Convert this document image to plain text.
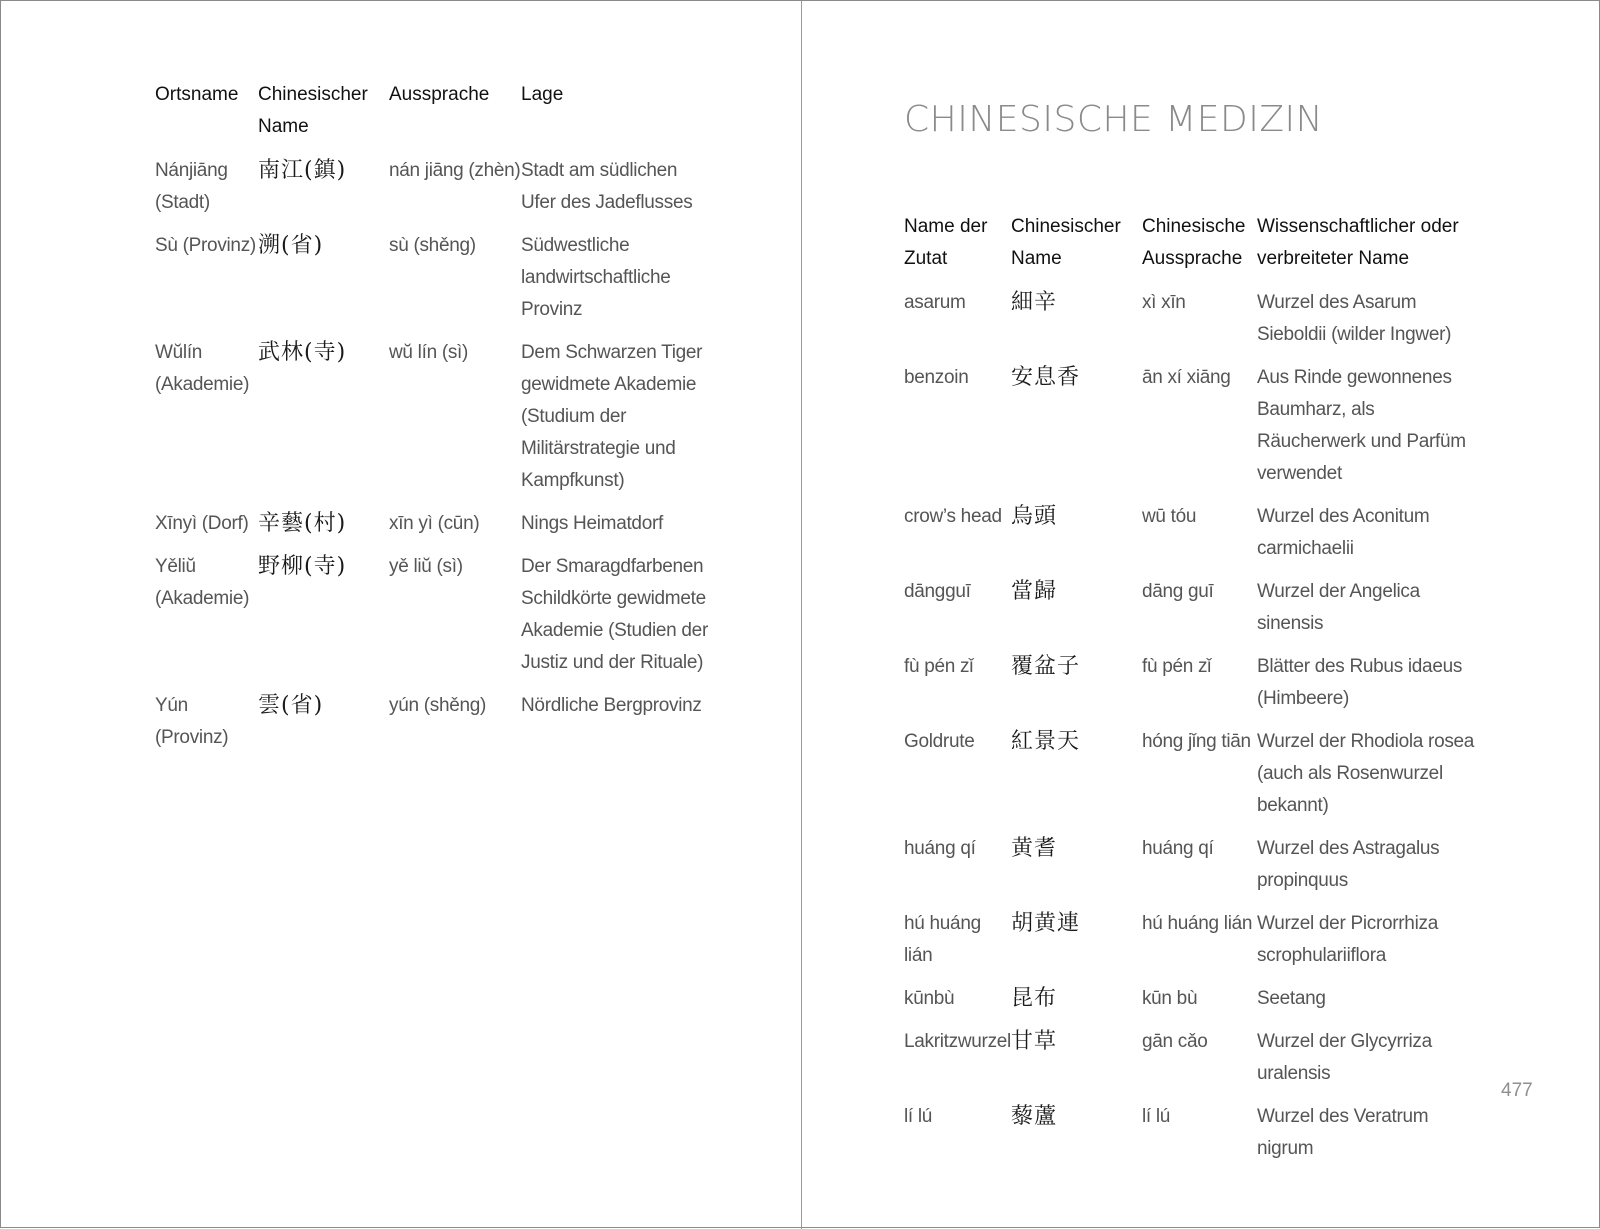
Ortsname	Chinesischer Name	Aussprache	Lage
Nánjiāng (Stadt)	南江(鎮)	nán jiāng (zhèn)	Stadt am südlichen Ufer des Jadeflusses
Sù (Provinz)	溯(省)	sù (shěng)	Südwestliche landwirtschaftliche Provinz
Wŭlín (Akademie)	武林(寺)	wŭ lín (sì)	Dem Schwarzen Tiger gewidmete Akademie (Studium der Militärstrategie und Kampfkunst)
Xīnyì (Dorf)	辛藝(村)	xīn yì (cūn)	Nings Heimatdorf
Yěliŭ (Akademie)	野柳(寺)	yě liŭ (sì)	Der Smaragdfarbenen Schildkörte gewidmete Akademie (Studien der Justiz und der Rituale)
Yún (Provinz)	雲(省)	yún (shěng)	Nördliche Bergprovinz
CHINESISCHE MEDIZIN
Name der Zutat	Chinesischer Name	Chinesische Aussprache	Wissenschaftlicher oder verbreiteter Name
asarum	細辛	xì xīn	Wurzel des Asarum Sieboldii (wilder Ingwer)
benzoin	安息香	ān xí xiāng	Aus Rinde gewonnenes Baumharz, als Räucherwerk und Parfüm verwendet
crow’s head	烏頭	wū tóu	Wurzel des Aconitum carmichaelii
dāngguī	當歸	dāng guī	Wurzel der Angelica sinensis
fù pén zǐ	覆盆子	fù pén zǐ	Blätter des Rubus idaeus (Himbeere)
Goldrute	紅景天	hóng jǐng tiān	Wurzel der Rhodiola rosea (auch als Rosenwurzel bekannt)
huáng qí	黄耆	huáng qí	Wurzel des Astragalus propinquus
hú huáng lián	胡黄連	hú huáng lián	Wurzel der Picrorrhiza scrophulariiflora
kūnbù	昆布	kūn bù	Seetang
Lakritzwurzel	甘草	gān cǎo	Wurzel der Glycyrriza uralensis
lí lú	藜蘆	lí lú	Wurzel des Veratrum nigrum
477
